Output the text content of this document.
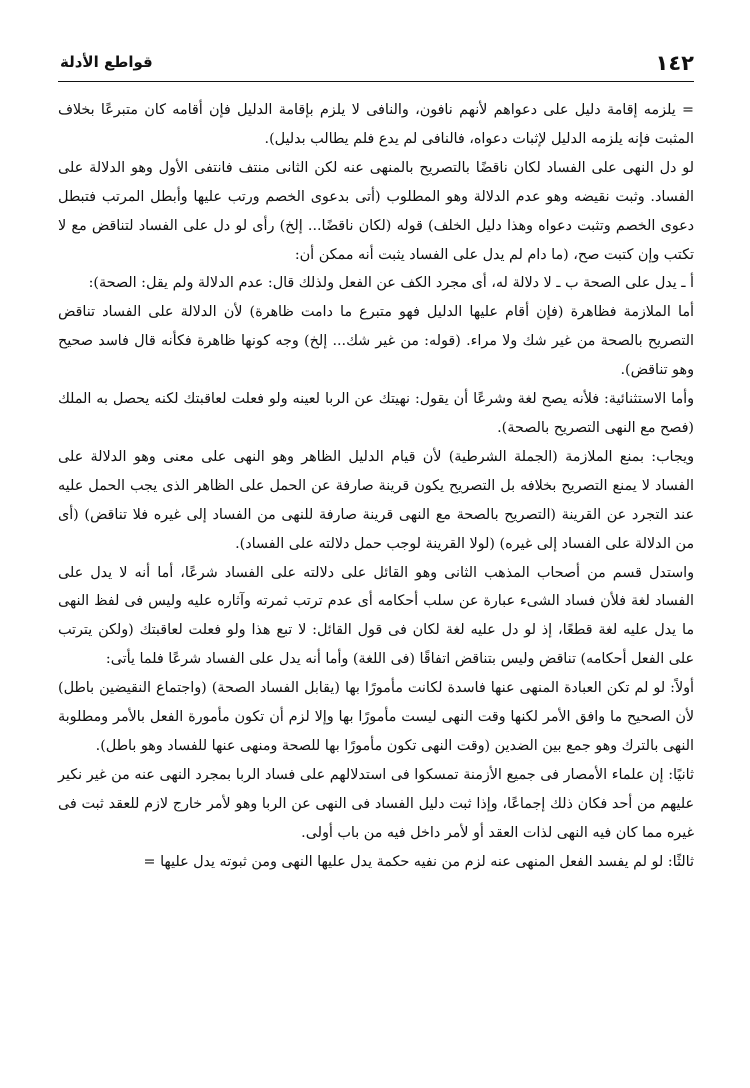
١٤٢
قواطع الأدلة

= يلزمه إقامة دليل على دعواهم لأنهم نافون، والنافى لا يلزم بإقامة الدليل فإن أقامه كان متبرعًا بخلاف المثبت فإنه يلزمه الدليل لإثبات دعواه، فالنافى لم يدع فلم يطالب بدليل).

لو دل النهى على الفساد لكان ناقضًا بالتصريح بالمنهى عنه لكن الثانى منتف فانتفى الأول وهو الدلالة على الفساد. وثبت نقيضه وهو عدم الدلالة وهو المطلوب (أتى بدعوى الخصم ورتب عليها وأبطل المرتب فتبطل دعوى الخصم وتثبت دعواه وهذا دليل الخلف) قوله (لكان ناقضًا... إلخ) رأى لو دل على الفساد لتناقض مع لا تكتب وإن كتبت صح، (ما دام لم يدل على الفساد يثبت أنه ممكن أن:

أ ـ يدل على الصحة ب ـ لا دلالة له، أى مجرد الكف عن الفعل ولذلك قال: عدم الدلالة ولم يقل: الصحة):

أما الملازمة فظاهرة (فإن أقام عليها الدليل فهو متبرع ما دامت ظاهرة) لأن الدلالة على الفساد تناقض التصريح بالصحة من غير شك ولا مراء. (قوله: من غير شك... إلخ) وجه كونها ظاهرة فكأنه قال فاسد صحيح وهو تناقض).

وأما الاستثنائية: فلأنه يصح لغة وشرعًا أن يقول: نهيتك عن الربا لعينه ولو فعلت لعاقبتك لكنه يحصل به الملك (فصح مع النهى التصريح بالصحة).

ويجاب: بمنع الملازمة (الجملة الشرطية) لأن قيام الدليل الظاهر وهو النهى على معنى وهو الدلالة على الفساد لا يمنع التصريح بخلافه بل التصريح يكون قرينة صارفة عن الحمل على الظاهر الذى يجب الحمل عليه عند التجرد عن القرينة (التصريح بالصحة مع النهى قرينة صارفة للنهى من الفساد إلى غيره فلا تناقض) (أى من الدلالة على الفساد إلى غيره) (لولا القرينة لوجب حمل دلالته على الفساد).

واستدل قسم من أصحاب المذهب الثانى وهو القائل على دلالته على الفساد شرعًا، أما أنه لا يدل على الفساد لغة فلأن فساد الشىء عبارة عن سلب أحكامه أى عدم ترتب ثمرته وآثاره عليه وليس فى لفظ النهى ما يدل عليه لغة قطعًا، إذ لو دل عليه لغة لكان فى قول القائل: لا تبع هذا ولو فعلت لعاقبتك (ولكن يترتب على الفعل أحكامه) تناقض وليس بتناقض اتفاقًا (فى اللغة) وأما أنه يدل على الفساد شرعًا فلما يأتى:

أولاً: لو لم تكن العبادة المنهى عنها فاسدة لكانت مأمورًا بها (يقابل الفساد الصحة) (واجتماع النقيضين باطل) لأن الصحيح ما وافق الأمر لكنها وقت النهى ليست مأمورًا بها وإلا لزم أن تكون مأمورة الفعل بالأمر ومطلوبة النهى بالترك وهو جمع بين الضدين (وقت النهى تكون مأمورًا بها للصحة ومنهى عنها للفساد وهو باطل).

ثانيًا: إن علماء الأمصار فى جميع الأزمنة تمسكوا فى استدلالهم على فساد الربا بمجرد النهى عنه من غير نكير عليهم من أحد فكان ذلك إجماعًا، وإذا ثبت دليل الفساد فى النهى عن الربا وهو لأمر خارج لازم للعقد ثبت فى غيره مما كان فيه النهى لذات العقد أو لأمر داخل فيه من باب أولى.

ثالثًا: لو لم يفسد الفعل المنهى عنه لزم من نفيه حكمة يدل عليها النهى ومن ثبوته يدل عليها =
